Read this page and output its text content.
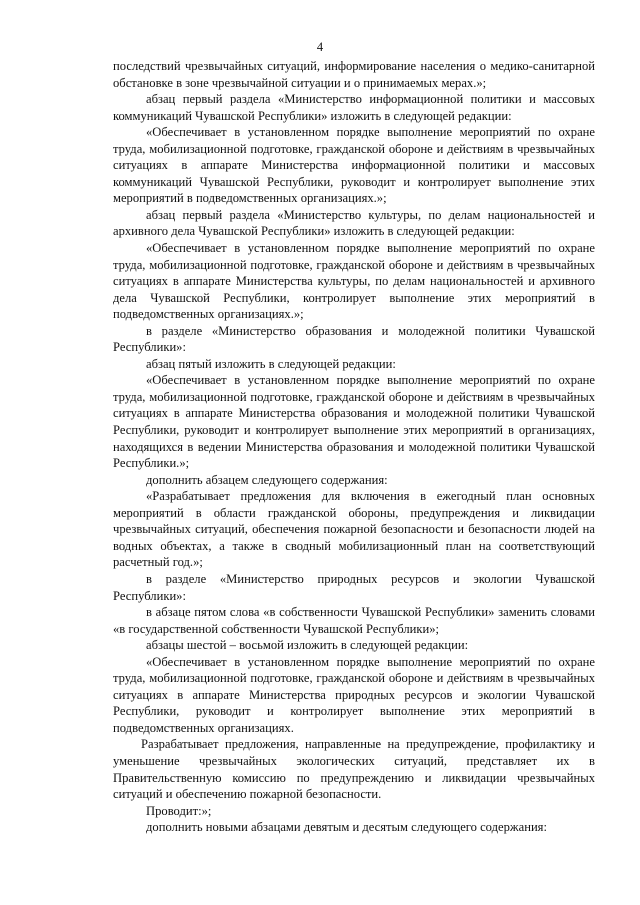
4

последствий чрезвычайных ситуаций, информирование населения о медико-санитарной обстановке в зоне чрезвычайной ситуации и о принимаемых мерах.»;

абзац первый раздела «Министерство информационной политики и массовых коммуникаций Чувашской Республики» изложить в следующей редакции:

«Обеспечивает в установленном порядке выполнение мероприятий по охране труда, мобилизационной подготовке, гражданской обороне и действиям в чрезвычайных ситуациях в аппарате Министерства информационной политики и массовых коммуникаций Чувашской Республики, руководит и контролирует выполнение этих мероприятий в подведомственных организациях.»;

абзац первый раздела «Министерство культуры, по делам национальностей и архивного дела Чувашской Республики» изложить в следующей редакции:

«Обеспечивает в установленном порядке выполнение мероприятий по охране труда, мобилизационной подготовке, гражданской обороне и действиям в чрезвычайных ситуациях в аппарате Министерства культуры, по делам национальностей и архивного дела Чувашской Республики, контролирует выполнение этих мероприятий в подведомственных организациях.»;

в разделе «Министерство образования и молодежной политики Чувашской Республики»:

абзац пятый изложить в следующей редакции:

«Обеспечивает в установленном порядке выполнение мероприятий по охране труда, мобилизационной подготовке, гражданской обороне и действиям в чрезвычайных ситуациях в аппарате Министерства образования и молодежной политики Чувашской Республики, руководит и контролирует выполнение этих мероприятий в организациях, находящихся в ведении Министерства образования и молодежной политики Чувашской Республики.»;

дополнить абзацем следующего содержания:

«Разрабатывает предложения для включения в ежегодный план основных мероприятий в области гражданской обороны, предупреждения и ликвидации чрезвычайных ситуаций, обеспечения пожарной безопасности и безопасности людей на водных объектах, а также в сводный мобилизационный план на соответствующий расчетный год.»;

в разделе «Министерство природных ресурсов и экологии Чувашской Республики»:

в абзаце пятом слова «в собственности Чувашской Республики» заменить словами «в государственной собственности Чувашской Республики»;

абзацы шестой – восьмой изложить в следующей редакции:

«Обеспечивает в установленном порядке выполнение мероприятий по охране труда, мобилизационной подготовке, гражданской обороне и действиям в чрезвычайных ситуациях в аппарате Министерства природных ресурсов и экологии Чувашской Республики, руководит и контролирует выполнение этих мероприятий в подведомственных организациях.

Разрабатывает предложения, направленные на предупреждение, профилактику и уменьшение чрезвычайных экологических ситуаций, представляет их в Правительственную комиссию по предупреждению и ликвидации чрезвычайных ситуаций и обеспечению пожарной безопасности.

Проводит:»;

дополнить новыми абзацами девятым и десятым следующего содержания:
